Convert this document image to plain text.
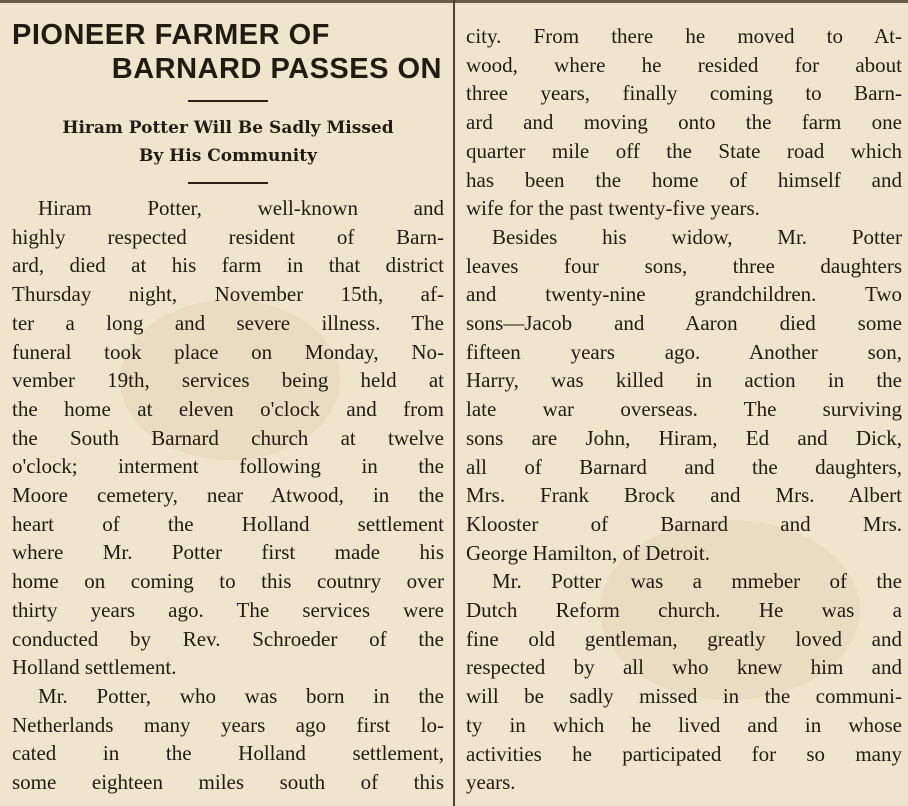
PIONEER FARMER OF
BARNARD PASSES ON

Hiram Potter Will Be Sadly Missed
By His Community

Hiram Potter, well-known and
highly respected resident of Barn-
ard, died at his farm in that district
Thursday night, November 15th, af-
ter a long and severe illness. The
funeral took place on Monday, No-
vember 19th, services being held at
the home at eleven o'clock and from
the South Barnard church at twelve
o'clock; interment following in the
Moore cemetery, near Atwood, in the
heart of the Holland settlement
where Mr. Potter first made his
home on coming to this coutnry over
thirty years ago. The services were
conducted by Rev. Schroeder of the
Holland settlement.
Mr. Potter, who was born in the
Netherlands many years ago first lo-
cated in the Holland settlement,
some eighteen miles south of this
city. From there he moved to At-
wood, where he resided for about
three years, finally coming to Barn-
ard and moving onto the farm one
quarter mile off the State road which
has been the home of himself and
wife for the past twenty-five years.
Besides his widow, Mr. Potter
leaves four sons, three daughters
and twenty-nine grandchildren. Two
sons—Jacob and Aaron died some
fifteen years ago. Another son,
Harry, was killed in action in the
late war overseas. The surviving
sons are John, Hiram, Ed and Dick,
all of Barnard and the daughters,
Mrs. Frank Brock and Mrs. Albert
Klooster of Barnard and Mrs.
George Hamilton, of Detroit.
Mr. Potter was a mmeber of the
Dutch Reform church. He was a
fine old gentleman, greatly loved and
respected by all who knew him and
will be sadly missed in the communi-
ty in which he lived and in whose
activities he participated for so many
years.
